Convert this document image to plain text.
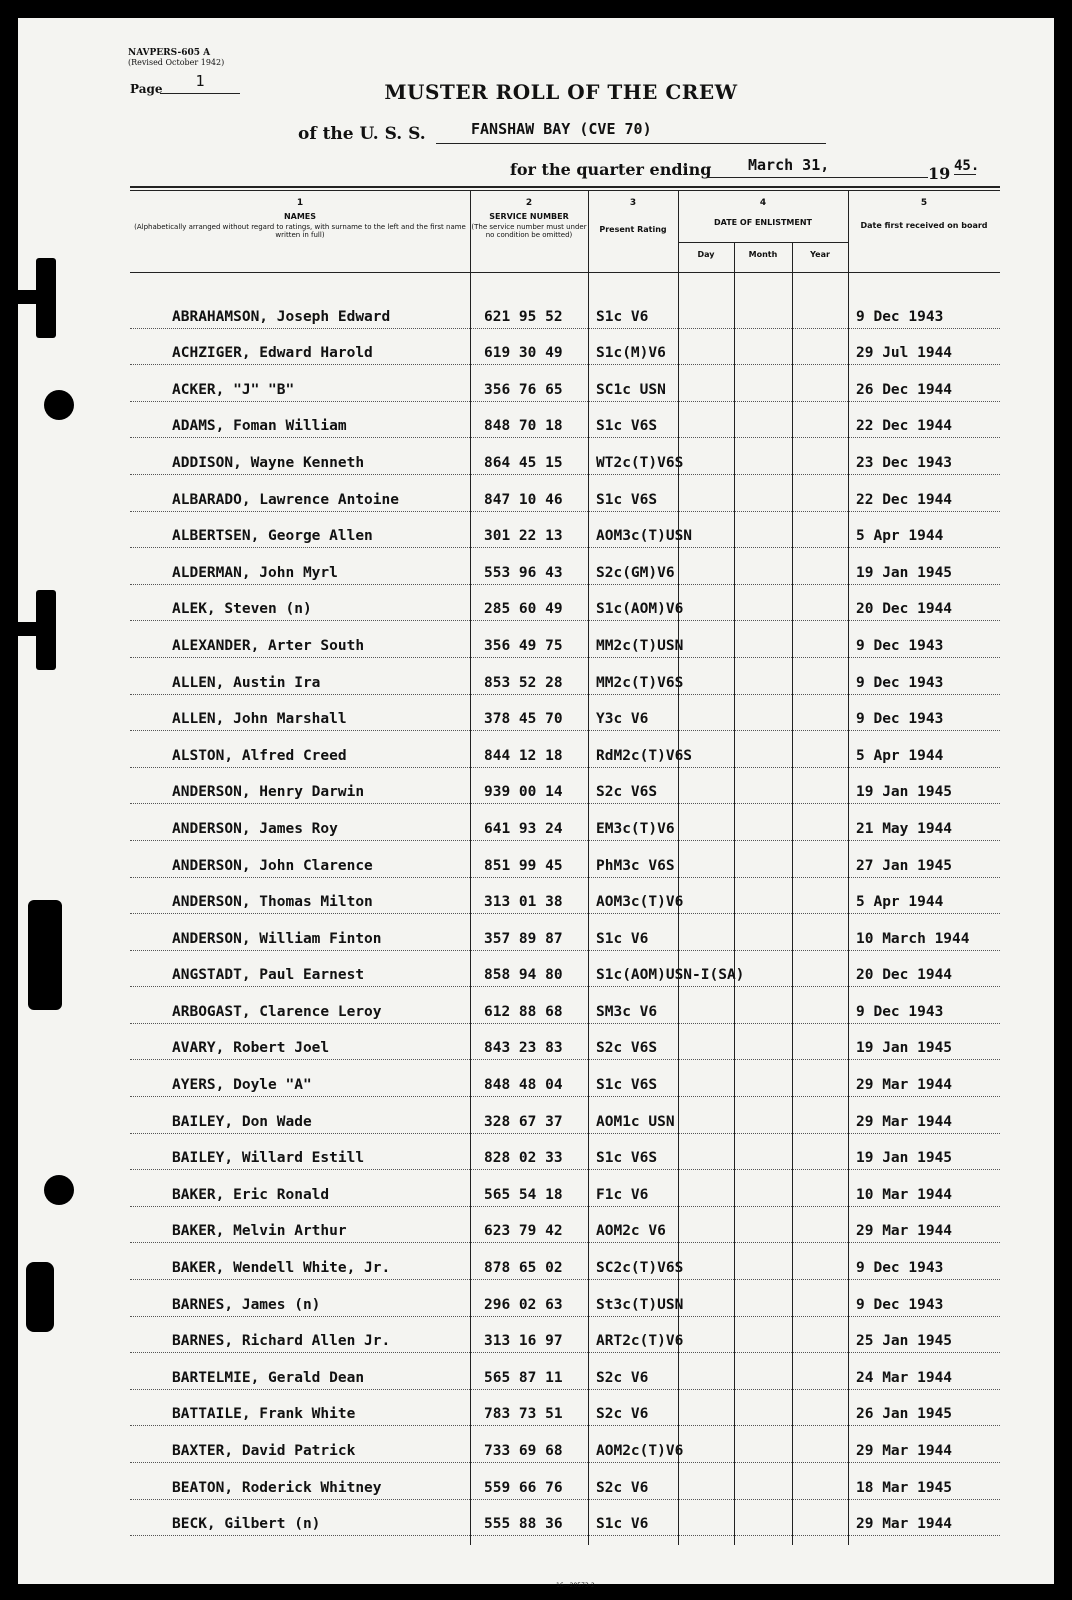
NAVPERS-605 A
(Revised October 1942)
Page	1	MUSTER ROLL OF THE CREW
of the U. S. S.	FANSHAW BAY (CVE 70)
for the quarter ending	March 31,	19 45.
1
NAMES
(Alphabetically arranged without regard to ratings, with surname to the left and the first name written in full)
2
SERVICE NUMBER
(The service number must under no condition be omitted)
3
Present Rating
4
DATE OF ENLISTMENT
Day	Month	Year
5
Date first received on board
ABRAHAMSON, Joseph Edward	621 95 52 S1c V6	9 Dec 1943
ACHZIGER, Edward Harold	619 30 49 S1c(M)V6	29 Jul 1944
ACKER, "J" "B"	356 76 65 SC1c USN	26 Dec 1944
ADAMS, Foman William	848 70 18 S1c V6S	22 Dec 1944
ADDISON, Wayne Kenneth	864 45 15 WT2c(T)V6S	23 Dec 1943
ALBARADO, Lawrence Antoine	847 10 46 S1c V6S	22 Dec 1944
ALBERTSEN, George Allen	301 22 13 AOM3c(T)USN	5 Apr 1944
ALDERMAN, John Myrl	553 96 43 S2c(GM)V6	19 Jan 1945
ALEK, Steven (n)	285 60 49 S1c(AOM)V6	20 Dec 1944
ALEXANDER, Arter South	356 49 75 MM2c(T)USN	9 Dec 1943
ALLEN, Austin Ira	853 52 28 MM2c(T)V6S	9 Dec 1943
ALLEN, John Marshall	378 45 70 Y3c V6	9 Dec 1943
ALSTON, Alfred Creed	844 12 18 RdM2c(T)V6S	5 Apr 1944
ANDERSON, Henry Darwin	939 00 14 S2c V6S	19 Jan 1945
ANDERSON, James Roy	641 93 24 EM3c(T)V6	21 May 1944
ANDERSON, John Clarence	851 99 45 PhM3c V6S	27 Jan 1945
ANDERSON, Thomas Milton	313 01 38 AOM3c(T)V6	5 Apr 1944
ANDERSON, William Finton	357 89 87 S1c V6	10 March 1944
ANGSTADT, Paul Earnest	858 94 80 S1c(AOM)USN-I(SA)	20 Dec 1944
ARBOGAST, Clarence Leroy	612 88 68 SM3c V6	9 Dec 1943
AVARY, Robert Joel	843 23 83 S2c V6S	19 Jan 1945
AYERS, Doyle "A"	848 48 04 S1c V6S	29 Mar 1944
BAILEY, Don Wade	328 67 37 AOM1c USN	29 Mar 1944
BAILEY, Willard Estill	828 02 33 S1c V6S	19 Jan 1945
BAKER, Eric Ronald	565 54 18 F1c V6	10 Mar 1944
BAKER, Melvin Arthur	623 79 42 AOM2c V6	29 Mar 1944
BAKER, Wendell White, Jr.	878 65 02 SC2c(T)V6S	9 Dec 1943
BARNES, James (n)	296 02 63 St3c(T)USN	9 Dec 1943
BARNES, Richard Allen Jr.	313 16 97 ART2c(T)V6	25 Jan 1945
BARTELMIE, Gerald Dean	565 87 11 S2c V6	24 Mar 1944
BATTAILE, Frank White	783 73 51 S2c V6	26 Jan 1945
BAXTER, David Patrick	733 69 68 AOM2c(T)V6	29 Mar 1944
BEATON, Roderick Whitney	559 66 76 S2c V6	18 Mar 1945
BECK, Gilbert (n)	555 88 36 S1c V6	29 Mar 1944
16—20573-2
